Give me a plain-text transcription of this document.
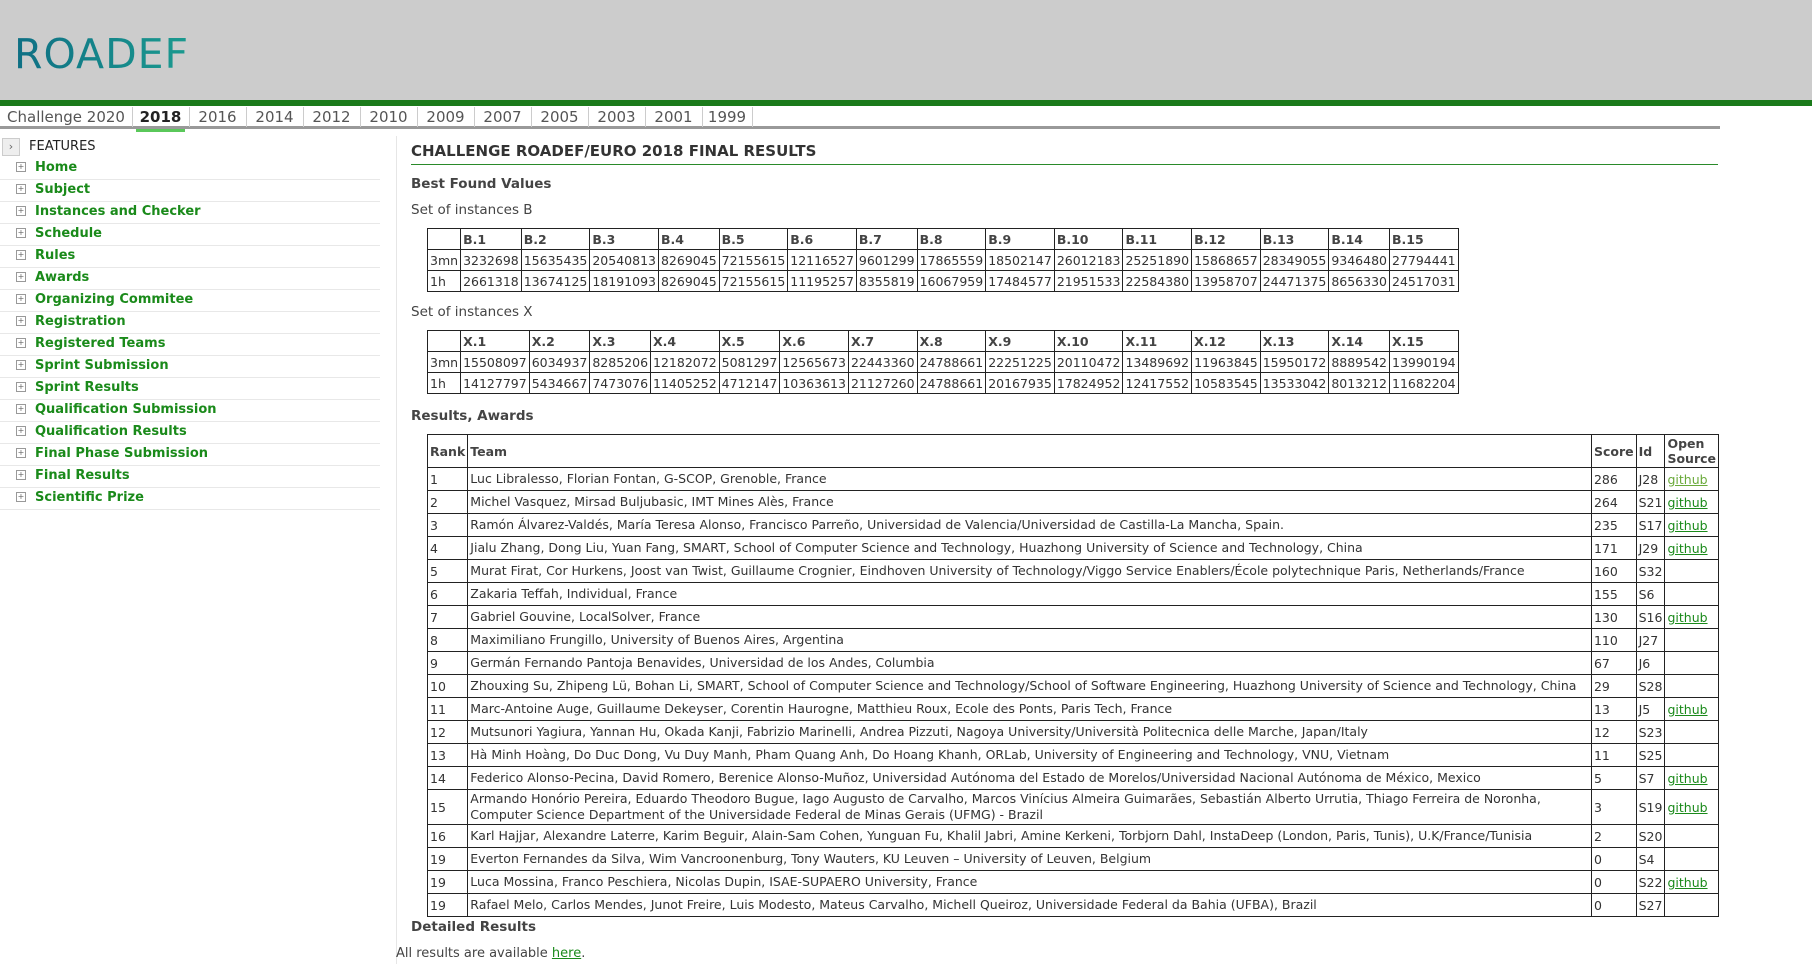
ROADEF
Challenge 2020 2018	2016	2014	2012	2010	2009	2007	2005	2003	2001	1999
›	FEATURES
+ Home
+ Subject
+ Instances and Checker
+ Schedule
+ Rules
+ Awards
+ Organizing Commitee
+ Registration
+ Registered Teams
+ Sprint Submission
+ Sprint Results
+ Qualification Submission
+ Qualification Results
+ Final Phase Submission
+ Final Results
+ Scientific Prize
CHALLENGE ROADEF/EURO 2018 FINAL RESULTS
Best Found Values
Set of instances B
	B.1	B.2	B.3	B.4	B.5	B.6	B.7	B.8	B.9	B.10	B.11	B.12	B.13	B.14	B.15
3mn	3232698	15635435	20540813	8269045	72155615	12116527	9601299	17865559	18502147	26012183	25251890	15868657	28349055	9346480	27794441
1h	2661318	13674125	18191093	8269045	72155615	11195257	8355819	16067959	17484577	21951533	22584380	13958707	24471375	8656330	24517031
Set of instances X
	X.1	X.2	X.3	X.4	X.5	X.6	X.7	X.8	X.9	X.10	X.11	X.12	X.13	X.14	X.15
3mn	15508097	6034937	8285206	12182072	5081297	12565673	22443360	24788661	22251225	20110472	13489692	11963845	15950172	8889542	13990194
1h	14127797	5434667	7473076	11405252	4712147	10363613	21127260	24788661	20167935	17824952	12417552	10583545	13533042	8013212	11682204
Results, Awards
Rank	Team	Score	Id	Open Source
1	Luc Libralesso, Florian Fontan, G-SCOP, Grenoble, France	286	J28	github
2	Michel Vasquez, Mirsad Buljubasic, IMT Mines Alès, France	264	S21	github
3	Ramón Álvarez-Valdés, María Teresa Alonso, Francisco Parreño, Universidad de Valencia/Universidad de Castilla-La Mancha, Spain.	235	S17	github
4	Jialu Zhang, Dong Liu, Yuan Fang, SMART, School of Computer Science and Technology, Huazhong University of Science and Technology, China	171	J29	github
5	Murat Firat, Cor Hurkens, Joost van Twist, Guillaume Crognier, Eindhoven University of Technology/Viggo Service Enablers/École polytechnique Paris, Netherlands/France	160	S32	
6	Zakaria Teffah, Individual, France	155	S6	
7	Gabriel Gouvine, LocalSolver, France	130	S16	github
8	Maximiliano Frungillo, University of Buenos Aires, Argentina	110	J27	
9	Germán Fernando Pantoja Benavides, Universidad de los Andes, Columbia	67	J6	
10	Zhouxing Su, Zhipeng Lü, Bohan Li, SMART, School of Computer Science and Technology/School of Software Engineering, Huazhong University of Science and Technology, China	29	S28	
11	Marc-Antoine Auge, Guillaume Dekeyser, Corentin Haurogne, Matthieu Roux, Ecole des Ponts, Paris Tech, France	13	J5	github
12	Mutsunori Yagiura, Yannan Hu, Okada Kanji, Fabrizio Marinelli, Andrea Pizzuti, Nagoya University/Università Politecnica delle Marche, Japan/Italy	12	S23	
13	Hà Minh Hoàng, Do Duc Dong, Vu Duy Manh, Pham Quang Anh, Do Hoang Khanh, ORLab, University of Engineering and Technology, VNU, Vietnam	11	S25	
14	Federico Alonso-Pecina, David Romero, Berenice Alonso-Muñoz, Universidad Autónoma del Estado de Morelos/Universidad Nacional Autónoma de México, Mexico	5	S7	github
15	Armando Honório Pereira, Eduardo Theodoro Bugue, Iago Augusto de Carvalho, Marcos Vinícius Almeira Guimarães, Sebastián Alberto Urrutia, Thiago Ferreira de Noronha, Computer Science Department of the Universidade Federal de Minas Gerais (UFMG) - Brazil	3	S19	github
16	Karl Hajjar, Alexandre Laterre, Karim Beguir, Alain-Sam Cohen, Yunguan Fu, Khalil Jabri, Amine Kerkeni, Torbjorn Dahl, InstaDeep (London, Paris, Tunis), U.K/France/Tunisia	2	S20	
19	Everton Fernandes da Silva, Wim Vancroonenburg, Tony Wauters, KU Leuven – University of Leuven, Belgium	0	S4	
19	Luca Mossina, Franco Peschiera, Nicolas Dupin, ISAE-SUPAERO University, France	0	S22	github
19	Rafael Melo, Carlos Mendes, Junot Freire, Luis Modesto, Mateus Carvalho, Michell Queiroz, Universidade Federal da Bahia (UFBA), Brazil	0	S27	
Detailed Results
All results are available here.
